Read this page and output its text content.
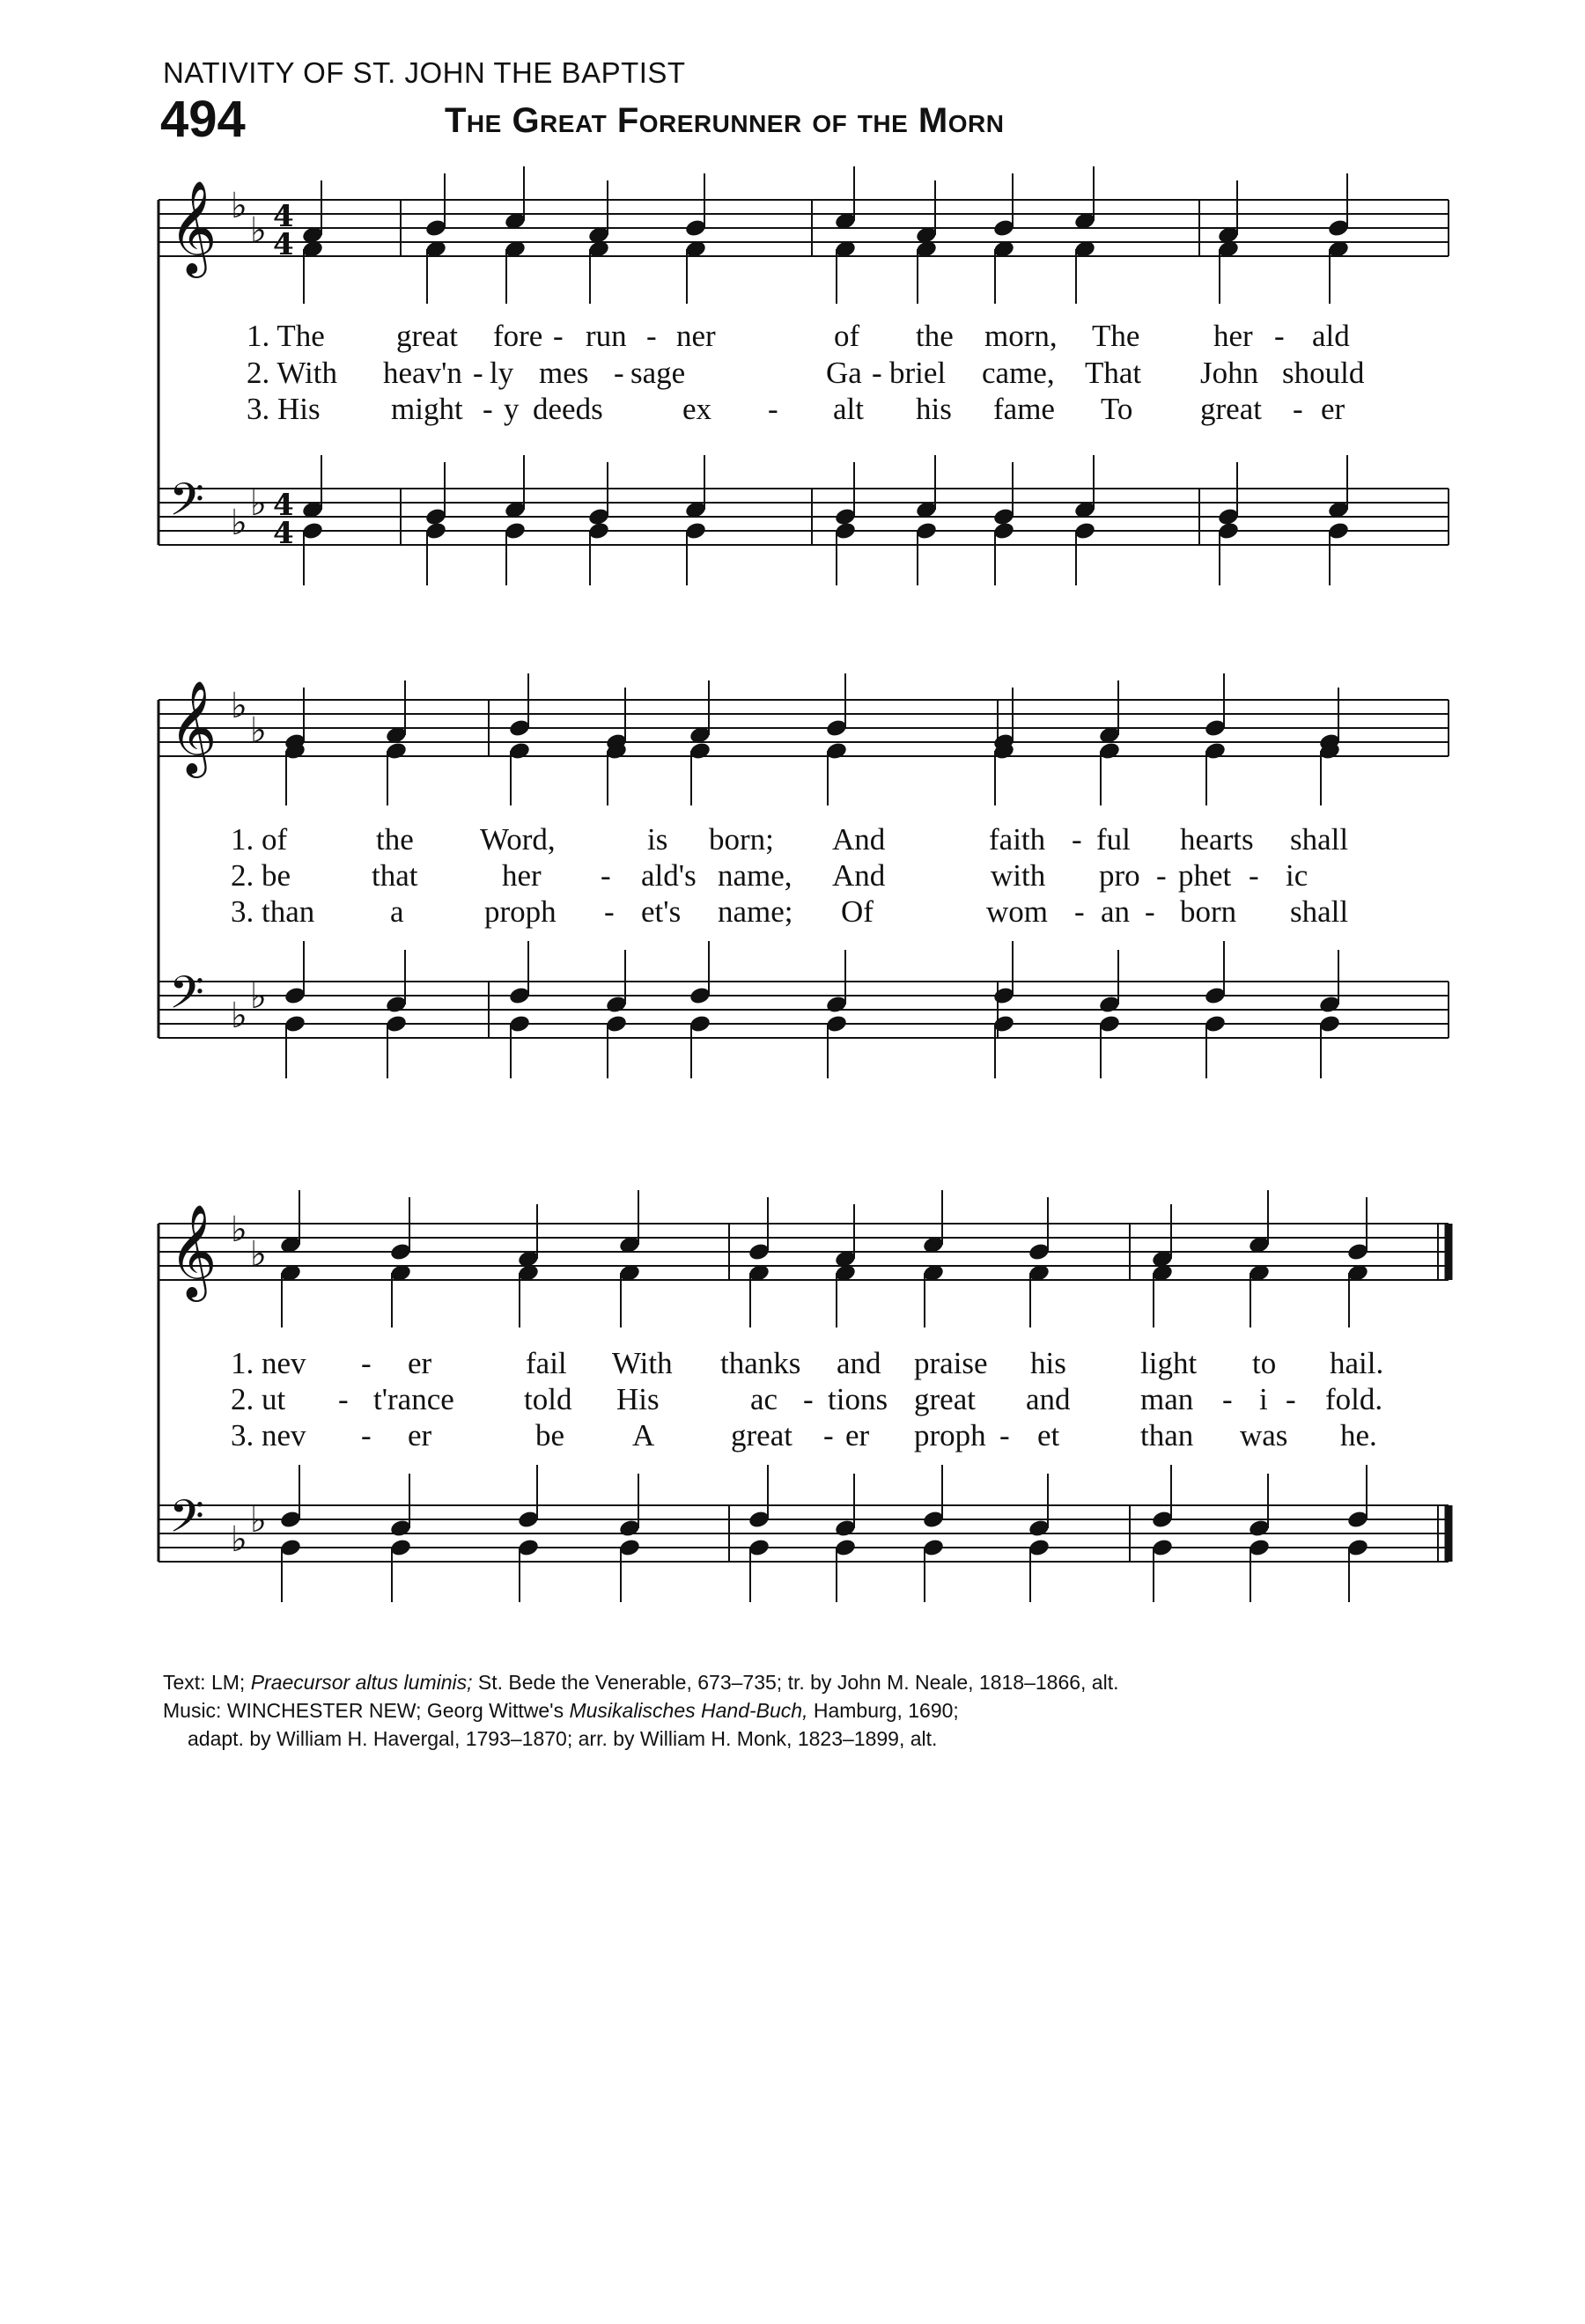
NATIVITY OF ST. JOHN THE BAPTIST
494	The Great Forerunner of the Morn
𝄞 ♭
♭ 4
4
𝄢 ♭ ♭ 4
4
𝄞 ♭
♭
𝄢 ♭ ♭
𝄞 ♭
♭
𝄢 ♭ ♭
1. The great fore - run - ner	of the morn, The her - ald
2. With heav'n - ly mes - sage	Ga - briel came, That John should
3. His might - y deeds	ex - alt his fame To great - er
1. of	the Word,	is born; And	faith - ful hearts shall
2. be	that	her - ald's name, And	with pro - phet - ic
3. than a	proph - et's name; Of	wom - an - born shall
1. nev - er	fail With thanks and praise his light to hail.
2. ut - t'rance told His	ac - tions great and man - i - fold.
3. nev - er	be A	great - er proph - et	than was he.
Text: LM; Praecursor altus luminis; St. Bede the Venerable, 673–735; tr. by John M. Neale, 1818–1866, alt.
Music: WINCHESTER NEW; Georg Wittwe's Musikalisches Hand-Buch, Hamburg, 1690;
adapt. by William H. Havergal, 1793–1870; arr. by William H. Monk, 1823–1899, alt.
